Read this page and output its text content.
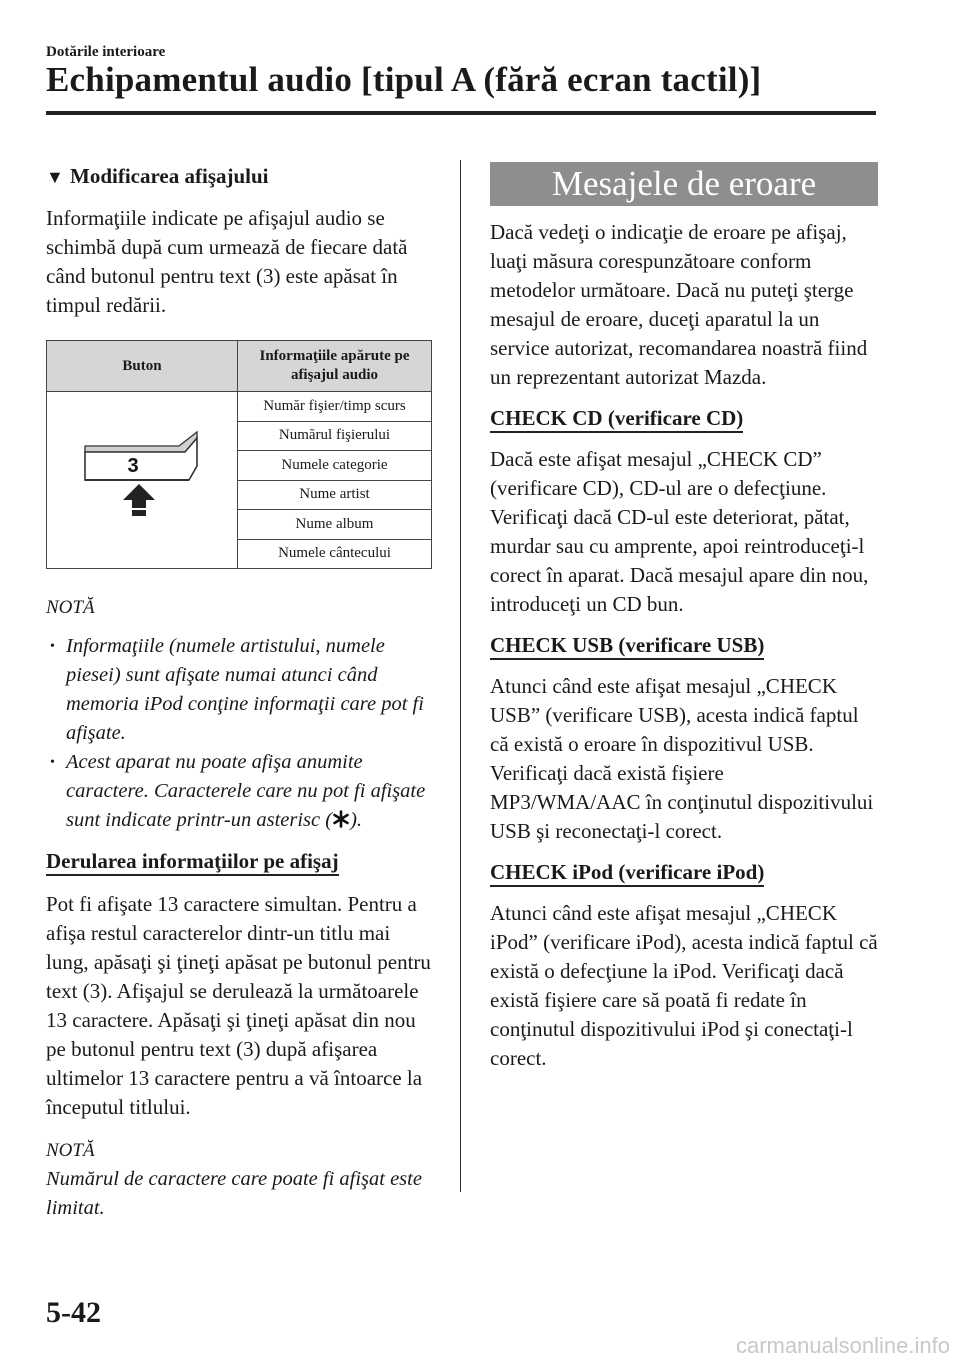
Dotările interioare
Echipamentul audio [tipul A (fără ecran tactil)]
▼ Modificarea afişajului

Informaţiile indicate pe afişajul audio se schimbă după cum urmează de fiecare dată când butonul pentru text (3) este apăsat în timpul redării.

Buton	Informaţiile apărute pe afişajul audio

3	Număr fişier/timp scurs
	Numărul fişierului
	Numele categorie
	Nume artist
	Nume album
	Numele cântecului
NOTĂ
• Informaţiile (numele artistului, numele piesei) sunt afişate numai atunci când memoria iPod conţine informaţii care pot fi afişate.
• Acest aparat nu poate afişa anumite caractere. Caracterele care nu pot fi afişate sunt indicate printr-un asterisc ( ).
Derularea informaţiilor pe afişaj

Pot fi afişate 13 caractere simultan. Pentru a afişa restul caracterelor dintr-un titlu mai lung, apăsaţi şi ţineţi apăsat pe butonul pentru text (3). Afişajul se derulează la următoarele 13 caractere. Apăsaţi şi ţineţi apăsat din nou pe butonul pentru text (3) după afişarea ultimelor 13 caractere pentru a vă întoarce la începutul titlului.

NOTĂ

Numărul de caractere care poate fi afişat este limitat.

Mesajele de eroare

Dacă vedeţi o indicaţie de eroare pe afişaj, luaţi măsura corespunzătoare conform metodelor următoare. Dacă nu puteţi şterge mesajul de eroare, duceţi aparatul la un service autorizat, recomandarea noastră fiind un reprezentant autorizat Mazda.

CHECK CD (verificare CD)

Dacă este afişat mesajul „CHECK CD” (verificare CD), CD-ul are o defecţiune. Verificaţi dacă CD-ul este deteriorat, pătat, murdar sau cu amprente, apoi reintroduceţi-l corect în aparat. Dacă mesajul apare din nou, introduceţi un CD bun.

CHECK USB (verificare USB)

Atunci când este afişat mesajul „CHECK USB” (verificare USB), acesta indică faptul că există o eroare în dispozitivul USB. Verificaţi dacă există fişiere MP3/WMA/AAC în conţinutul dispozitivului USB şi reconectaţi-l corect.

CHECK iPod (verificare iPod)

Atunci când este afişat mesajul „CHECK iPod” (verificare iPod), acesta indică faptul că există o defecţiune la iPod. Verificaţi dacă există fişiere care să poată fi redate în conţinutul dispozitivului iPod şi conectaţi-l corect.

5-42
carmanualsonline.info
